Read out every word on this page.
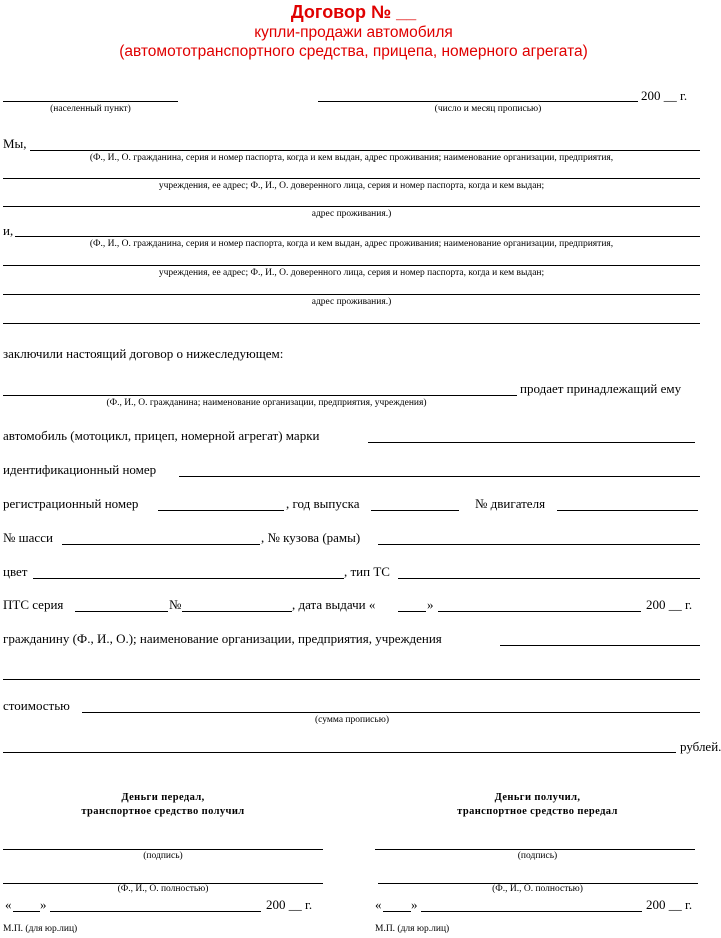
Договор № __
купли-продажи автомобиля
(автомототранспортного средства, прицепа, номерного агрегата)
(населенный пункт)	(число и месяц прописью)
200 __ г.
Мы,
(Ф., И., О. гражданина, серия и номер паспорта, когда и кем выдан, адрес проживания; наименование организации, предприятия,
учреждения, ее адрес; Ф., И., О. доверенного лица, серия и номер паспорта, когда и кем выдан;
адрес проживания.)
и,
(Ф., И., О. гражданина, серия и номер паспорта, когда и кем выдан, адрес проживания; наименование организации, предприятия,
учреждения, ее адрес; Ф., И., О. доверенного лица, серия и номер паспорта, когда и кем выдан;
адрес проживания.)
заключили настоящий договор о нижеследующем:
продает принадлежащий ему
(Ф., И., О. гражданина; наименование организации, предприятия, учреждения)
автомобиль (мотоцикл, прицеп, номерной агрегат) марки
идентификационный номер
регистрационный номер	, год выпуска	№ двигателя
№ шасси	, № кузова (рамы)
цвет	, тип ТС
ПТС серия	№	, дата выдачи «	»	200 __ г.
гражданину (Ф., И., О.); наименование организации, предприятия, учреждения
стоимостью
(сумма прописью)
рублей.
Деньги передал,
транспортное средство получил
(подпись)
(Ф., И., О. полностью)
« »	200 __ г.
М.П. (для юр.лиц)
Деньги получил,
транспортное средство передал
(подпись)
(Ф., И., О. полностью)
« »	200 __ г.
М.П. (для юр.лиц)
